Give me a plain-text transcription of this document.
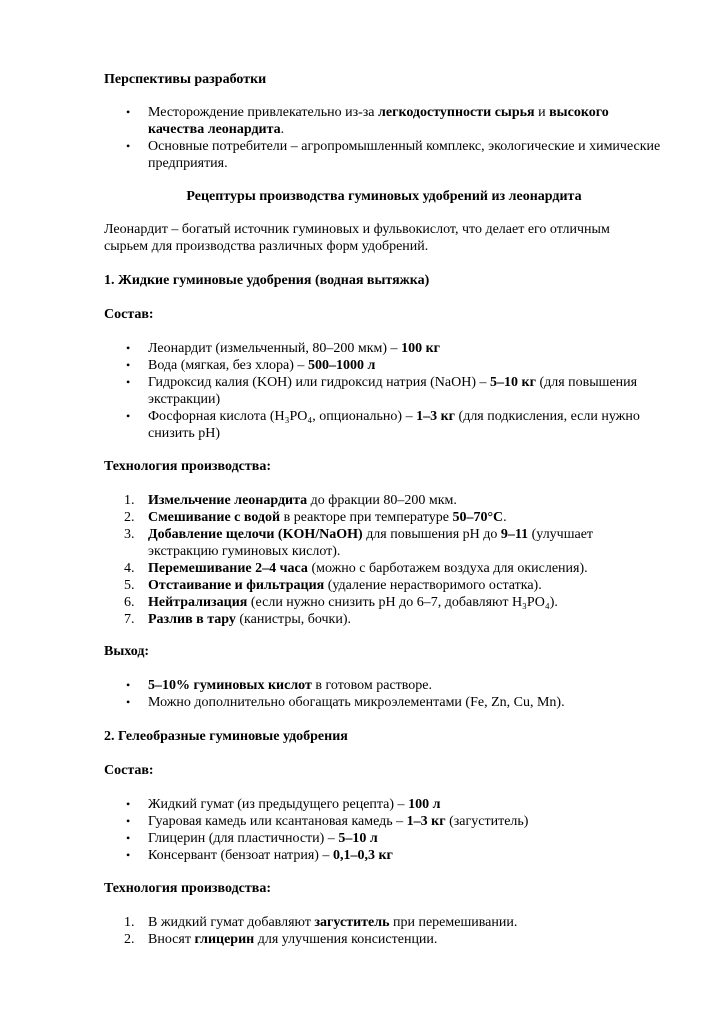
Перспективы разработки
• Месторождение привлекательно из-за легкодоступности сырья и высокого качества леонардита.
• Основные потребители – агропромышленный комплекс, экологические и химические предприятия.
Рецептуры производства гуминовых удобрений из леонардита
Леонардит – богатый источник гуминовых и фульвокислот, что делает его отличным сырьем для производства различных форм удобрений.
1. Жидкие гуминовые удобрения (водная вытяжка)
Состав:
• Леонардит (измельченный, 80–200 мкм) – 100 кг
• Вода (мягкая, без хлора) – 500–1000 л
• Гидроксид калия (KOH) или гидроксид натрия (NaOH) – 5–10 кг (для повышения экстракции)
• Фосфорная кислота (H₃PO₄, опционально) – 1–3 кг (для подкисления, если нужно снизить pH)
Технология производства:
1. Измельчение леонардита до фракции 80–200 мкм.
2. Смешивание с водой в реакторе при температуре 50–70°C.
3. Добавление щелочи (KOH/NaOH) для повышения pH до 9–11 (улучшает экстракцию гуминовых кислот).
4. Перемешивание 2–4 часа (можно с барботажем воздуха для окисления).
5. Отстаивание и фильтрация (удаление нерастворимого остатка).
6. Нейтрализация (если нужно снизить pH до 6–7, добавляют H₃PO₄).
7. Разлив в тару (канистры, бочки).
Выход:
• 5–10% гуминовых кислот в готовом растворе.
• Можно дополнительно обогащать микроэлементами (Fe, Zn, Cu, Mn).
2. Гелеобразные гуминовые удобрения
Состав:
• Жидкий гумат (из предыдущего рецепта) – 100 л
• Гуаровая камедь или ксантановая камедь – 1–3 кг (загуститель)
• Глицерин (для пластичности) – 5–10 л
• Консервант (бензоат натрия) – 0,1–0,3 кг
Технология производства:
1. В жидкий гумат добавляют загуститель при перемешивании.
2. Вносят глицерин для улучшения консистенции.
